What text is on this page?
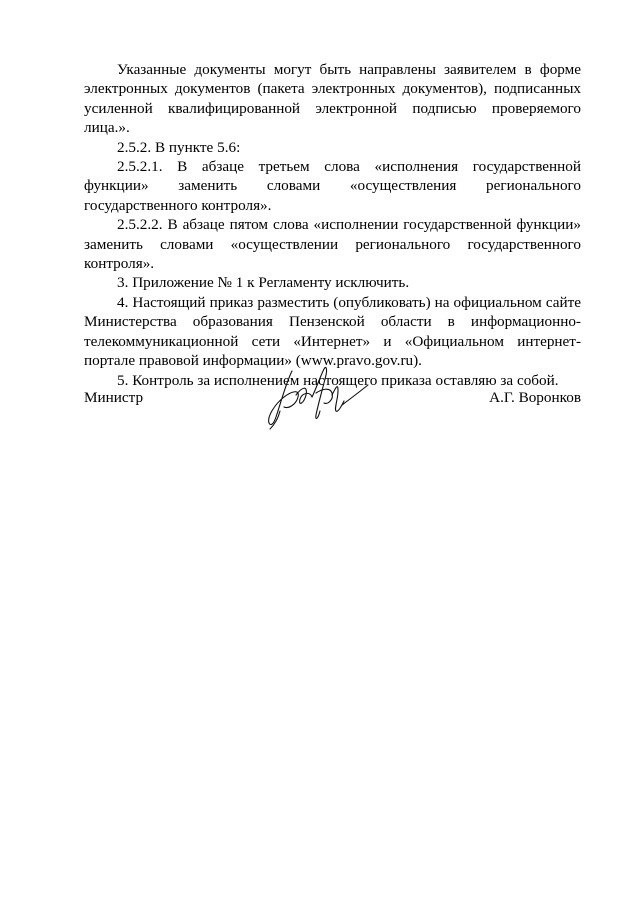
Указанные документы могут быть направлены заявителем в форме электронных документов (пакета электронных документов), подписанных усиленной квалифицированной электронной подписью проверяемого лица.».

2.5.2. В пункте 5.6:

2.5.2.1. В абзаце третьем слова «исполнения государственной функции» заменить словами «осуществления регионального государственного контроля».

2.5.2.2. В абзаце пятом слова «исполнении государственной функции» заменить словами «осуществлении регионального государственного контроля».

3. Приложение № 1 к Регламенту исключить.

4. Настоящий приказ разместить (опубликовать) на официальном сайте Министерства образования Пензенской области в информационно-телекоммуникационной сети «Интернет» и «Официальном интернет-портале правовой информации» (www.pravo.gov.ru).

5. Контроль за исполнением настоящего приказа оставляю за собой.

Министр	А.Г. Воронков
